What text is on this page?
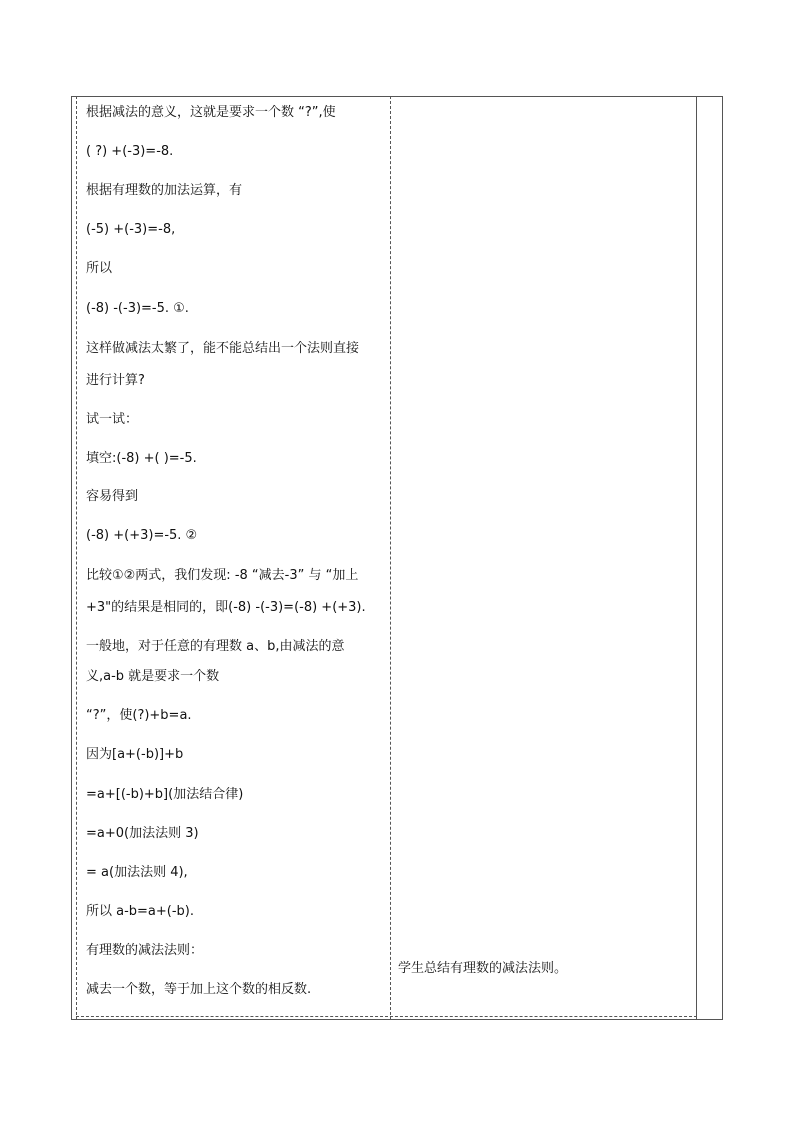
根据减法的意义，这就是要求一个数 “?”,使
( ?) +(-3)=-8.
根据有理数的加法运算，有
(-5) +(-3)=-8,
所以
(-8) -(-3)=-5. ①.
这样做减法太繁了，能不能总结出一个法则直接
进行计算?
试一试：
填空:(-8) +( )=-5.
容易得到
(-8) +(+3)=-5. ②
比较①②两式，我们发现: -8 “减去-3” 与 “加上
+3"的结果是相同的，即(-8) -(-3)=(-8) +(+3).
一般地，对于任意的有理数 a、b,由减法的意
义,a-b 就是要求一个数
“?”，使(?)+b=a.
因为[a+(-b)]+b
=a+[(-b)+b](加法结合律)
=a+0(加法法则 3)
= a(加法法则 4),
所以 a-b=a+(-b).
有理数的减法法则：
减去一个数，等于加上这个数的相反数.
学生总结有理数的减法法则。
